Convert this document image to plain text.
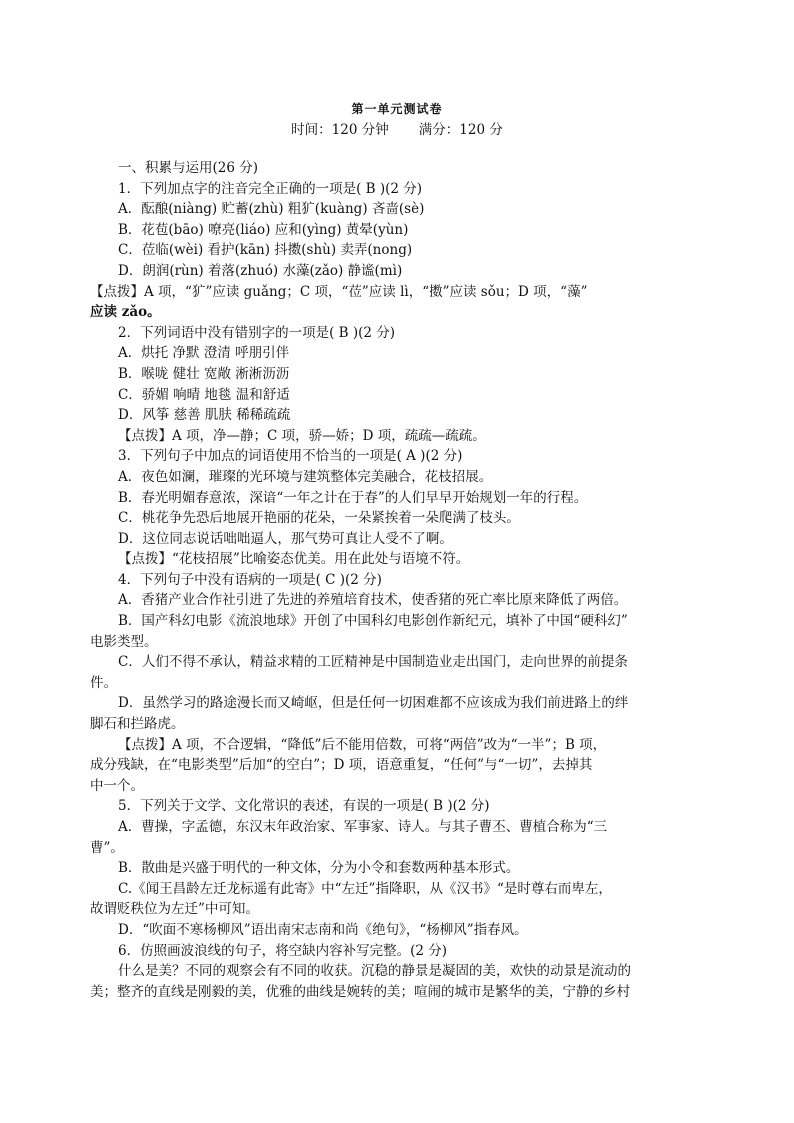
第一单元测试卷
时间：120 分钟       满分：120 分
一、积累与运用(26 分)
1．下列加点字的注音完全正确的一项是( B )(2 分)
A．酝酿(niàng) 贮蓄(zhù) 粗犷(kuàng) 吝啬(sè)
B．花苞(bāo) 嘹亮(liáo) 应和(yìng) 黄晕(yùn)
C．莅临(wèi) 看护(kān) 抖擞(shù) 卖弄(nong)
D．朗润(rùn) 着落(zhuó) 水藻(zǎo) 静谧(mì)
【点拨】A 项，“犷”应读 guǎng；C 项，“莅”应读 lì，“擞”应读 sǒu；D 项，“藻”
应读 zǎo。
2．下列词语中没有错别字的一项是( B )(2 分)
A．烘托 净默 澄清 呼朋引伴
B．喉咙 健壮 宽敞 淅淅沥沥
C．骄媚 响晴 地毯 温和舒适
D．风筝 慈善 肌肤 稀稀疏疏
【点拨】A 项，净—静；C 项，骄—娇；D 项，疏疏—疏疏。
3．下列句子中加点的词语使用不恰当的一项是( A )(2 分)
A．夜色如澜，璀璨的光环境与建筑整体完美融合，花枝招展。
B．春光明媚春意浓，深谙“一年之计在于春”的人们早早开始规划一年的行程。
C．桃花争先恐后地展开艳丽的花朵，一朵紧挨着一朵爬满了枝头。
D．这位同志说话咄咄逼人，那气势可真让人受不了啊。
【点拨】“花枝招展”比喻姿态优美。用在此处与语境不符。
4．下列句子中没有语病的一项是( C )(2 分)
A．香猪产业合作社引进了先进的养殖培育技术，使香猪的死亡率比原来降低了两倍。
B．国产科幻电影《流浪地球》开创了中国科幻电影创作新纪元，填补了中国“硬科幻”
电影类型。
C．人们不得不承认，精益求精的工匠精神是中国制造业走出国门，走向世界的前提条
件。
D．虽然学习的路途漫长而又崎岖，但是任何一切困难都不应该成为我们前进路上的绊
脚石和拦路虎。
【点拨】A 项，不合逻辑，“降低”后不能用倍数，可将“两倍”改为“一半”；B 项，
成分残缺，在“电影类型”后加“的空白”；D 项，语意重复，“任何”与“一切”，去掉其
中一个。
5．下列关于文学、文化常识的表述，有误的一项是( B )(2 分)
A．曹操，字孟德，东汉末年政治家、军事家、诗人。与其子曹丕、曹植合称为“三
曹”。
B．散曲是兴盛于明代的一种文体，分为小令和套数两种基本形式。
C.《闻王昌龄左迁龙标遥有此寄》中“左迁”指降职，从《汉书》“是时尊右而卑左，
故谓贬秩位为左迁”中可知。
D．“吹面不寒杨柳风”语出南宋志南和尚《绝句》，“杨柳风”指春风。
6．仿照画波浪线的句子，将空缺内容补写完整。(2 分)
什么是美？不同的观察会有不同的收获。沉稳的静景是凝固的美，欢快的动景是流动的
美；整齐的直线是刚毅的美，优雅的曲线是婉转的美；喧闹的城市是繁华的美，宁静的乡村
